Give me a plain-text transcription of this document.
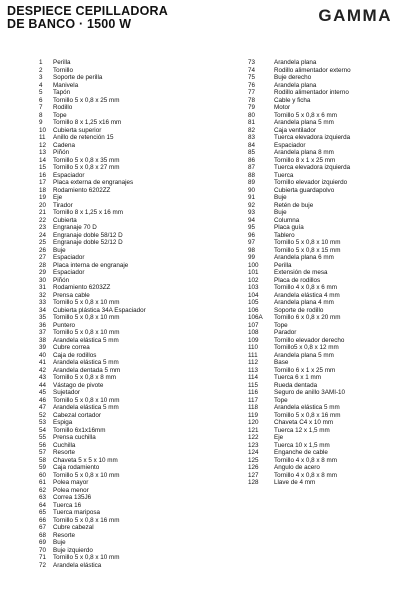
DESPIECE CEPILLADORA
DE BANCO · 1500 W	GAMMA
1	Perilla
2	Tornillo
3	Soporte de perilla
4	Manivela
5	Tapón
6	Tornillo 5 x 0,8 x 25 mm
7	Rodillo
8	Tope
9	Tornillo 8 x 1,25 x16 mm
10	Cubierta superior
11	Anillo de retención 15
12	Cadena
13	Piñón
14	Tornillo 5 x 0,8 x 35 mm
15	Tornillo 5 x 0,8 x 27 mm
16	Espaciador
17	Placa externa de engranajes
18	Rodamiento 6202ZZ
19	Eje
20	Tirador
21	Tornillo 8 x 1,25 x 16 mm
22	Cubierta
23	Engranaje 70 D
24	Engranaje doble 58/12 D
25	Engranaje doble 52/12 D
26	Buje
27	Espaciador
28	Placa interna de engranaje
29	Espaciador
30	Piñón
31	Rodamiento 6203ZZ
32	Prensa cable
33	Tornillo 5 x 0,8 x 10 mm
34	Cubierta plástica 34A Espaciador
35	Tornillo 5 x 0,8 x 10 mm
36	Puntero
37	Tornillo 5 x 0,8 x 10 mm
38	Arandela elástica 5 mm
39	Cubre correa
40	Caja de rodillos
41	Arandela elástica 5 mm
42	Arandela dentada 5 mm
43	Tornillo 5 x 0,8 x 8 mm
44	Vástago de pivote
45	Sujetador
46	Tornillo 5 x 0,8 x 10 mm
47	Arandela elástica 5 mm
52	Cabezal cortador
53	Espiga
54	Tornillo 6x1x16mm
55	Prensa cuchilla
56	Cuchilla
57	Resorte
58	Chaveta 5 x 5 x 10 mm
59	Caja rodamiento
60	Tornillo 5 x 0,8 x 10 mm
61	Polea mayor
62	Polea menor
63	Correa 135J6
64	Tuerca 16
65	Tuerca mariposa
66	Tornillo 5 x 0,8 x 16 mm
67	Cubre cabezal
68	Resorte
69	Buje
70	Buje izquierdo
71	Tornillo 5 x 0,8 x 10 mm
72	Arandela elástica
73	Arandela plana
74	Rodillo alimentador externo
75	Buje derecho
76	Arandela plana
77	Rodillo alimentador interno
78	Cable y ficha
79	Motor
80	Tornillo 5 x 0,8 x 6 mm
81	Arandela plana 5 mm
82	Caja ventilador
83	Tuerca elevadora izquierda
84	Espaciador
85	Arandela plana 8 mm
86	Tornillo 8 x 1 x 25 mm
87	Tuerca elevadora izquierda
88	Tuerca
89	Tornillo elevador izquierdo
90	Cubierta guardapolvo
91	Buje
92	Retén de buje
93	Buje
94	Columna
95	Placa guía
96	Tablero
97	Tornillo 5 x 0,8 x 10 mm
98	Tornillo 5 x 0,8 x 15 mm
99	Arandela plana 6 mm
100	Perilla
101	Extensión de mesa
102	Placa de rodillos
103	Tornillo 4 x 0,8 x 6 mm
104	Arandela elástica 4 mm
105	Arandela plana 4 mm
106	Soporte de rodillo
106A	Tornillo 6 x 0,8 x 20 mm
107	Tope
108	Parador
109	Tornillo elevador derecho
110	Tornillo5 x 0,8 x 12 mm
111	Arandela plana 5 mm
112	Base
113	Tornillo 6 x 1 x 25 mm
114	Tuerca 6 x 1 mm
115	Rueda dentada
116	Seguro de anillo 3AMI-10
117	Tope
118	Arandela elástica 5 mm
119	Tornillo 5 x 0,8 x 16 mm
120	Chaveta C4 x 10 mm
121	Tuerca 12 x 1,5 mm
122	Eje
123	Tuerca 10 x 1,5 mm
124	Enganche de cable
125	Tornillo 4 x 0,8 x 8 mm
126	Angulo de acero
127	Tornillo 4 x 0,8 x 8 mm
128	Llave de 4 mm
